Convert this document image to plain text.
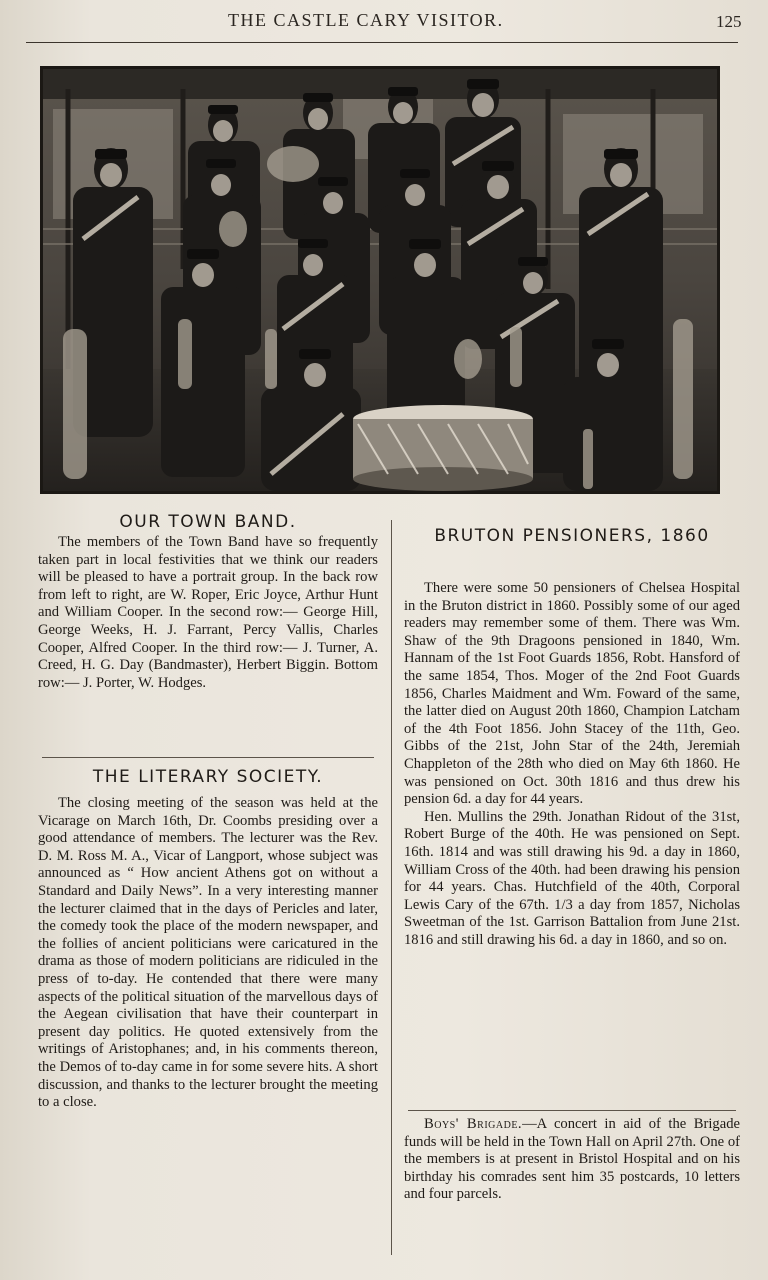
THE CASTLE CARY VISITOR.	125
OUR TOWN BAND.

The members of the Town Band have so frequently taken part in local festivities that we think our readers will be pleased to have a portrait group. In the back row from left to right, are W. Roper, Eric Joyce, Arthur Hunt and William Cooper. In the second row:— George Hill, George Weeks, H. J. Farrant, Percy Vallis, Charles Cooper, Alfred Cooper. In the third row:— J. Turner, A. Creed, H. G. Day (Bandmaster), Herbert Biggin. Bottom row:— J. Porter, W. Hodges.

THE LITERARY SOCIETY.

The closing meeting of the season was held at the Vicarage on March 16th, Dr. Coombs presiding over a good attendance of members. The lecturer was the Rev. D. M. Ross M. A., Vicar of Langport, whose subject was announced as “ How ancient Athens got on without a Standard and Daily News”. In a very interesting manner the lecturer claimed that in the days of Pericles and later, the comedy took the place of the modern newspaper, and the follies of ancient politicians were caricatured in the drama as those of modern politicians are ridiculed in the press of to-day. He contended that there were many aspects of the political situation of the marvellous days of the Aegean civilisation that have their counterpart in present day politics. He quoted extensively from the writings of Aristophanes; and, in his comments thereon, the Demos of to-day came in for some severe hits. A short discussion, and thanks to the lecturer brought the meeting to a close.

BRUTON PENSIONERS, 1860

There were some 50 pensioners of Chelsea Hospital in the Bruton district in 1860. Possibly some of our aged readers may remember some of them. There was Wm. Shaw of the 9th Dragoons pensioned in 1840, Wm. Hannam of the 1st Foot Guards 1856, Robt. Hansford of the same 1854, Thos. Moger of the 2nd Foot Guards 1856, Charles Maidment and Wm. Foward of the same, the latter died on August 20th 1860, Champion Latcham of the 4th Foot 1856. John Stacey of the 11th, Geo. Gibbs of the 21st, John Star of the 24th, Jeremiah Chappleton of the 28th who died on May 6th 1860. He was pensioned on Oct. 30th 1816 and thus drew his pension 6d. a day for 44 years.

Hen. Mullins the 29th. Jonathan Ridout of the 31st, Robert Burge of the 40th. He was pensioned on Sept. 16th. 1814 and was still drawing his 9d. a day in 1860, William Cross of the 40th. had been drawing his pension for 44 years. Chas. Hutchfield of the 40th, Corporal Lewis Cary of the 67th. 1/3 a day from 1857, Nicholas Sweetman of the 1st. Garrison Battalion from June 21st. 1816 and still drawing his 6d. a day in 1860, and so on.

Boys' Brigade.—A concert in aid of the Brigade funds will be held in the Town Hall on April 27th. One of the members is at present in Bristol Hospital and on his birthday his comrades sent him 35 postcards, 10 letters and four parcels.
